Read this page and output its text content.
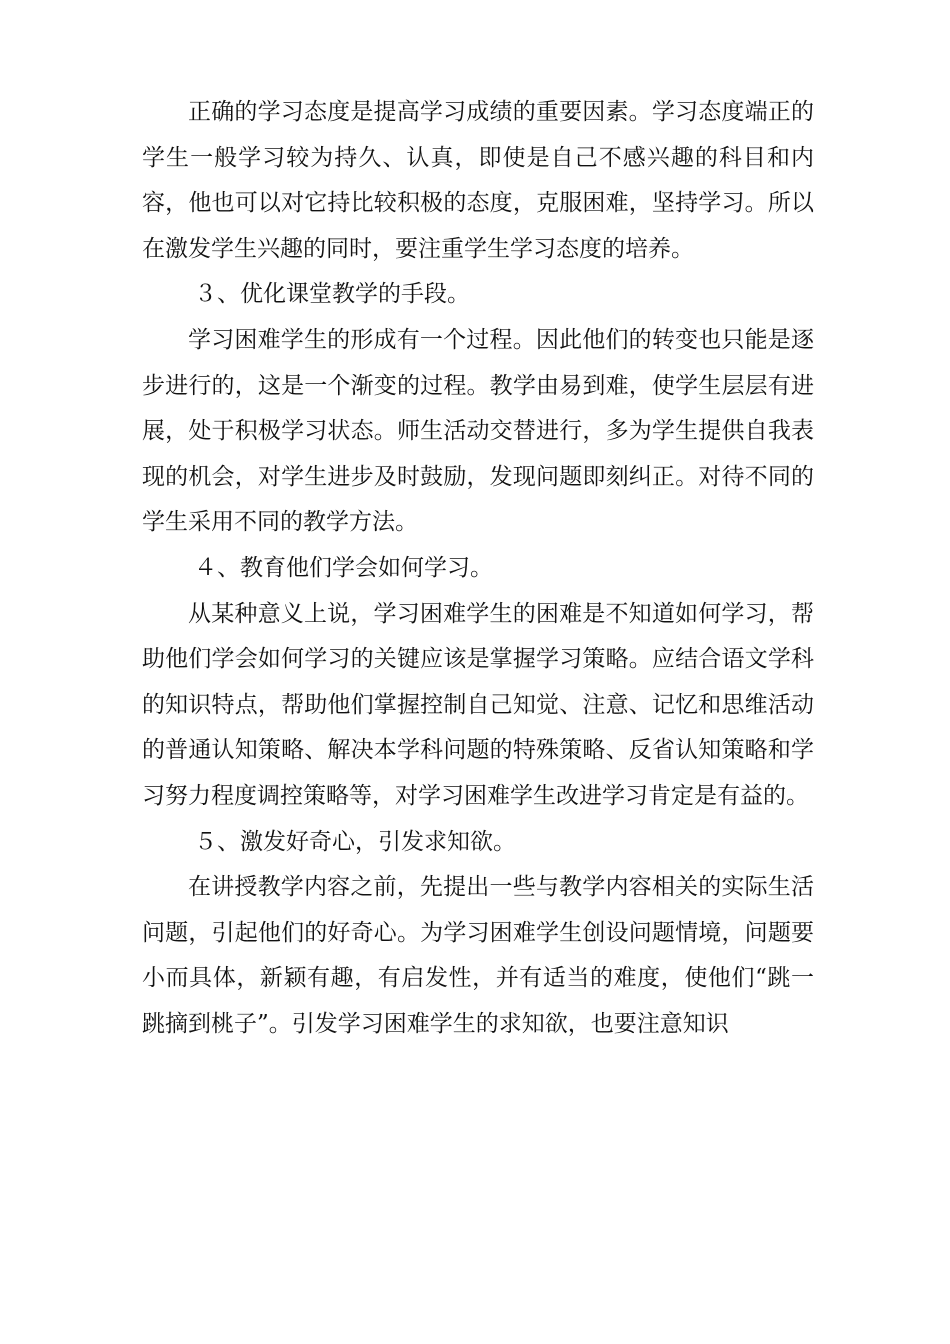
正确的学习态度是提高学习成绩的重要因素。学习态度端正的学生一般学习较为持久、认真，即使是自己不感兴趣的科目和内容，他也可以对它持比较积极的态度，克服困难，坚持学习。所以在激发学生兴趣的同时，要注重学生学习态度的培养。

３、优化课堂教学的手段。

学习困难学生的形成有一个过程。因此他们的转变也只能是逐步进行的，这是一个渐变的过程。教学由易到难，使学生层层有进展，处于积极学习状态。师生活动交替进行，多为学生提供自我表现的机会，对学生进步及时鼓励，发现问题即刻纠正。对待不同的学生采用不同的教学方法。

４、教育他们学会如何学习。

从某种意义上说，学习困难学生的困难是不知道如何学习，帮助他们学会如何学习的关键应该是掌握学习策略。应结合语文学科的知识特点，帮助他们掌握控制自己知觉、注意、记忆和思维活动的普通认知策略、解决本学科问题的特殊策略、反省认知策略和学习努力程度调控策略等，对学习困难学生改进学习肯定是有益的。

５、激发好奇心，引发求知欲。

在讲授教学内容之前，先提出一些与教学内容相关的实际生活问题，引起他们的好奇心。为学习困难学生创设问题情境，问题要小而具体，新颖有趣，有启发性，并有适当的难度，使他们“跳一跳摘到桃子”。引发学习困难学生的求知欲，也要注意知识
